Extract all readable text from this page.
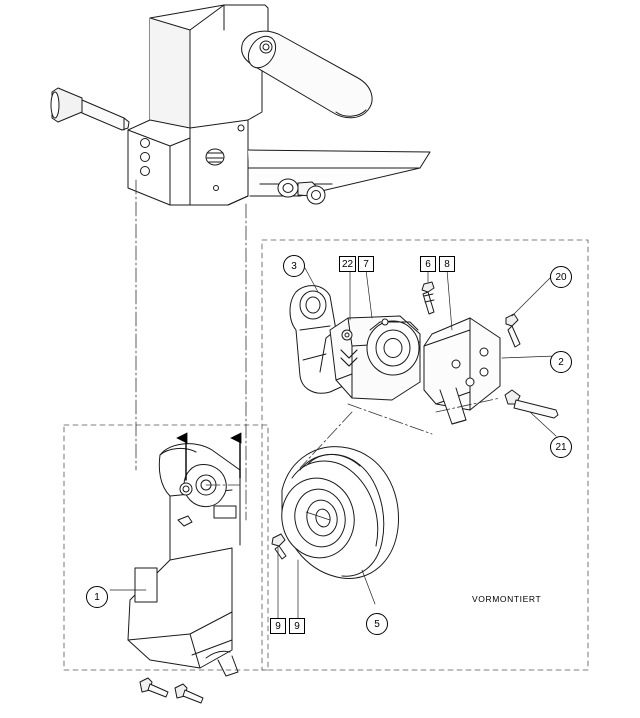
3
20
2
21
1
5
22	7	6	8
9	9
VORMONTIERT
